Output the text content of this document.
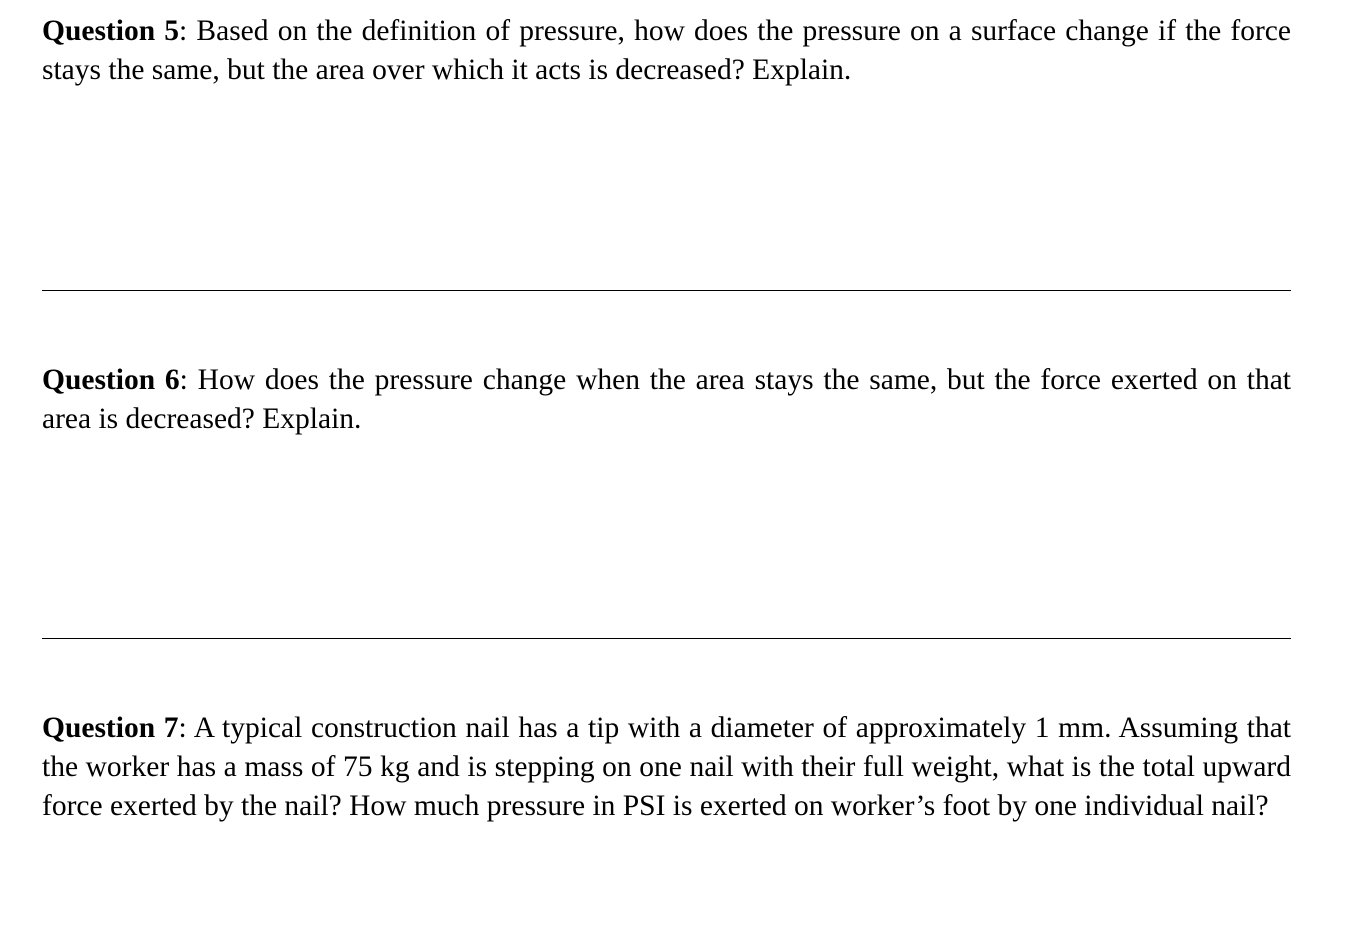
Question 5: Based on the definition of pressure, how does the pressure on a surface change if the force stays the same, but the area over which it acts is decreased? Explain.
Question 6: How does the pressure change when the area stays the same, but the force exerted on that area is decreased? Explain.
Question 7: A typical construction nail has a tip with a diameter of approximately 1 mm. Assuming that the worker has a mass of 75 kg and is stepping on one nail with their full weight, what is the total upward force exerted by the nail? How much pressure in PSI is exerted on worker’s foot by one individual nail?
